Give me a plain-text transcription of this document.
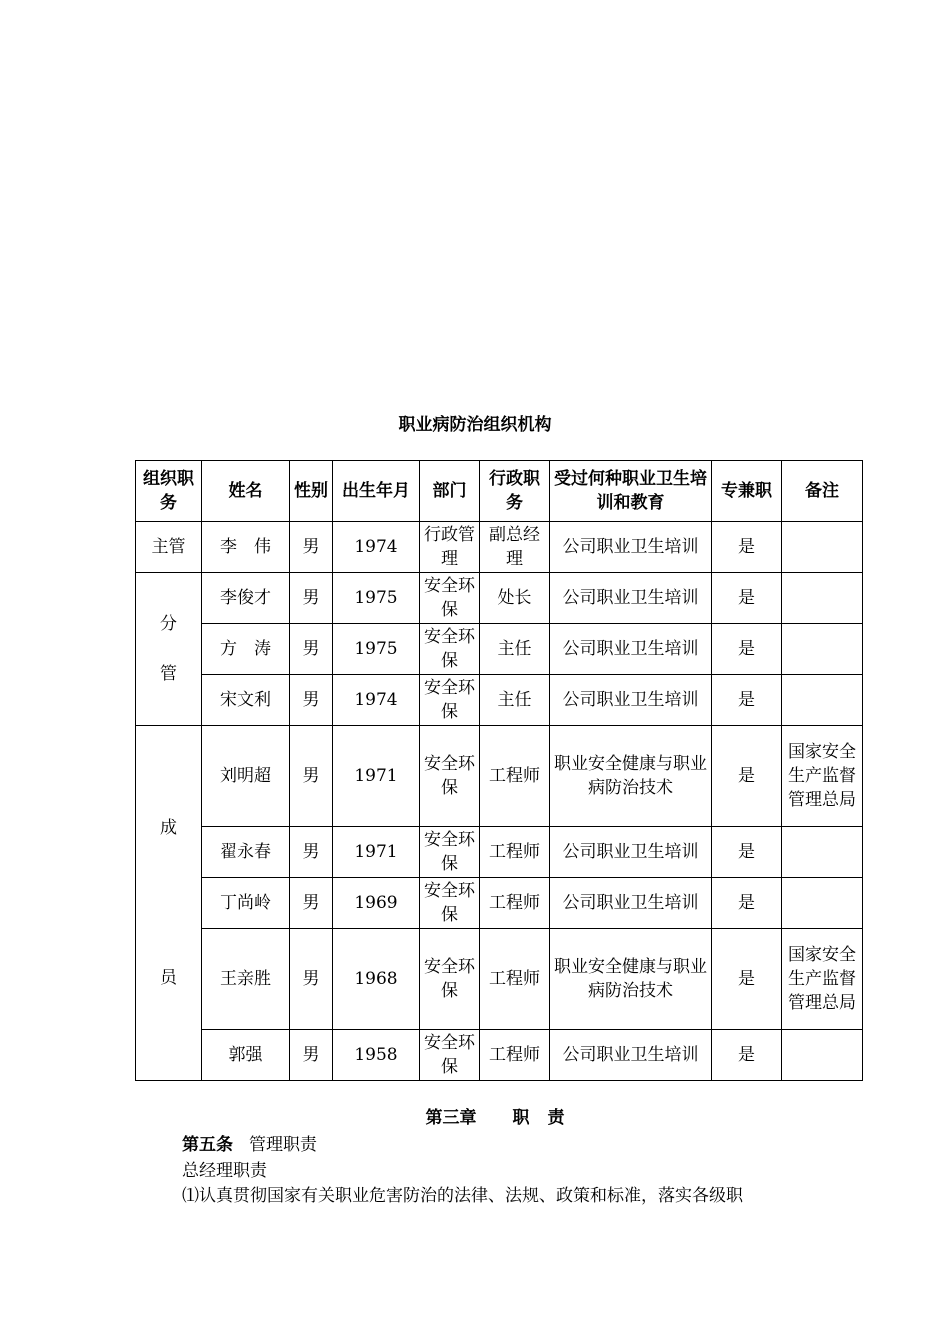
职业病防治组织机构
组织职务	姓名	性别	出生年月	部门	行政职务	受过何种职业卫生培训和教育	专兼职	备注
主管	李　伟	男	1974	行政管理	副总经理	公司职业卫生培训	是	

分
管	李俊才	男	1975	安全环保	处长	公司职业卫生培训	是	
	方　涛	男	1975	安全环保	主任	公司职业卫生培训	是	
	宋文利	男	1974	安全环保	主任	公司职业卫生培训	是	

成
员	刘明超	男	1971	安全环保	工程师	职业安全健康与职业病防治技术	是	国家安全生产监督管理总局
	翟永春	男	1971	安全环保	工程师	公司职业卫生培训	是	
	丁尚岭	男	1969	安全环保	工程师	公司职业卫生培训	是	
	王亲胜	男	1968	安全环保	工程师	职业安全健康与职业病防治技术	是	国家安全生产监督管理总局
	郭强	男	1958	安全环保	工程师	公司职业卫生培训	是	
第三章 职 责
第五条 管理职责
总经理职责
⑴认真贯彻国家有关职业危害防治的法律、法规、政策和标准，落实各级职
